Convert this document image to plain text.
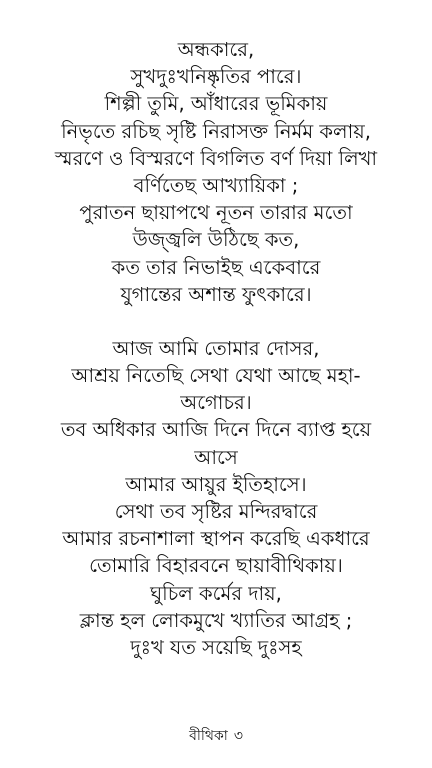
অন্ধকারে,
সুখদুঃখনিষ্কৃতির পারে।
শিল্পী তুমি, আঁধারের ভূমিকায়
নিভৃতে রচিছ সৃষ্টি নিরাসক্ত নির্মম কলায়,
স্মরণে ও বিস্মরণে বিগলিত বর্ণ দিয়া লিখা
বর্ণিতেছ আখ্যায়িকা ;
পুরাতন ছায়াপথে নূতন তারার মতো
উজ্জ্বলি উঠিছে কত,
কত তার নিভাইছ একেবারে
যুগান্তের অশান্ত ফুৎকারে।
আজ আমি তোমার দোসর,
আশ্রয় নিতেছি সেথা যেথা আছে মহা-
অগোচর।
তব অধিকার আজি দিনে দিনে ব্যাপ্ত হয়ে
আসে
আমার আয়ুর ইতিহাসে।
সেথা তব সৃষ্টির মন্দিরদ্বারে
আমার রচনাশালা স্থাপন করেছি একধারে
তোমারি বিহারবনে ছায়াবীথিকায়।
ঘুচিল কর্মের দায়,
ক্লান্ত হল লোকমুখে খ্যাতির আগ্রহ ;
দুঃখ যত সয়েছি দুঃসহ
বীথিকা ৩
